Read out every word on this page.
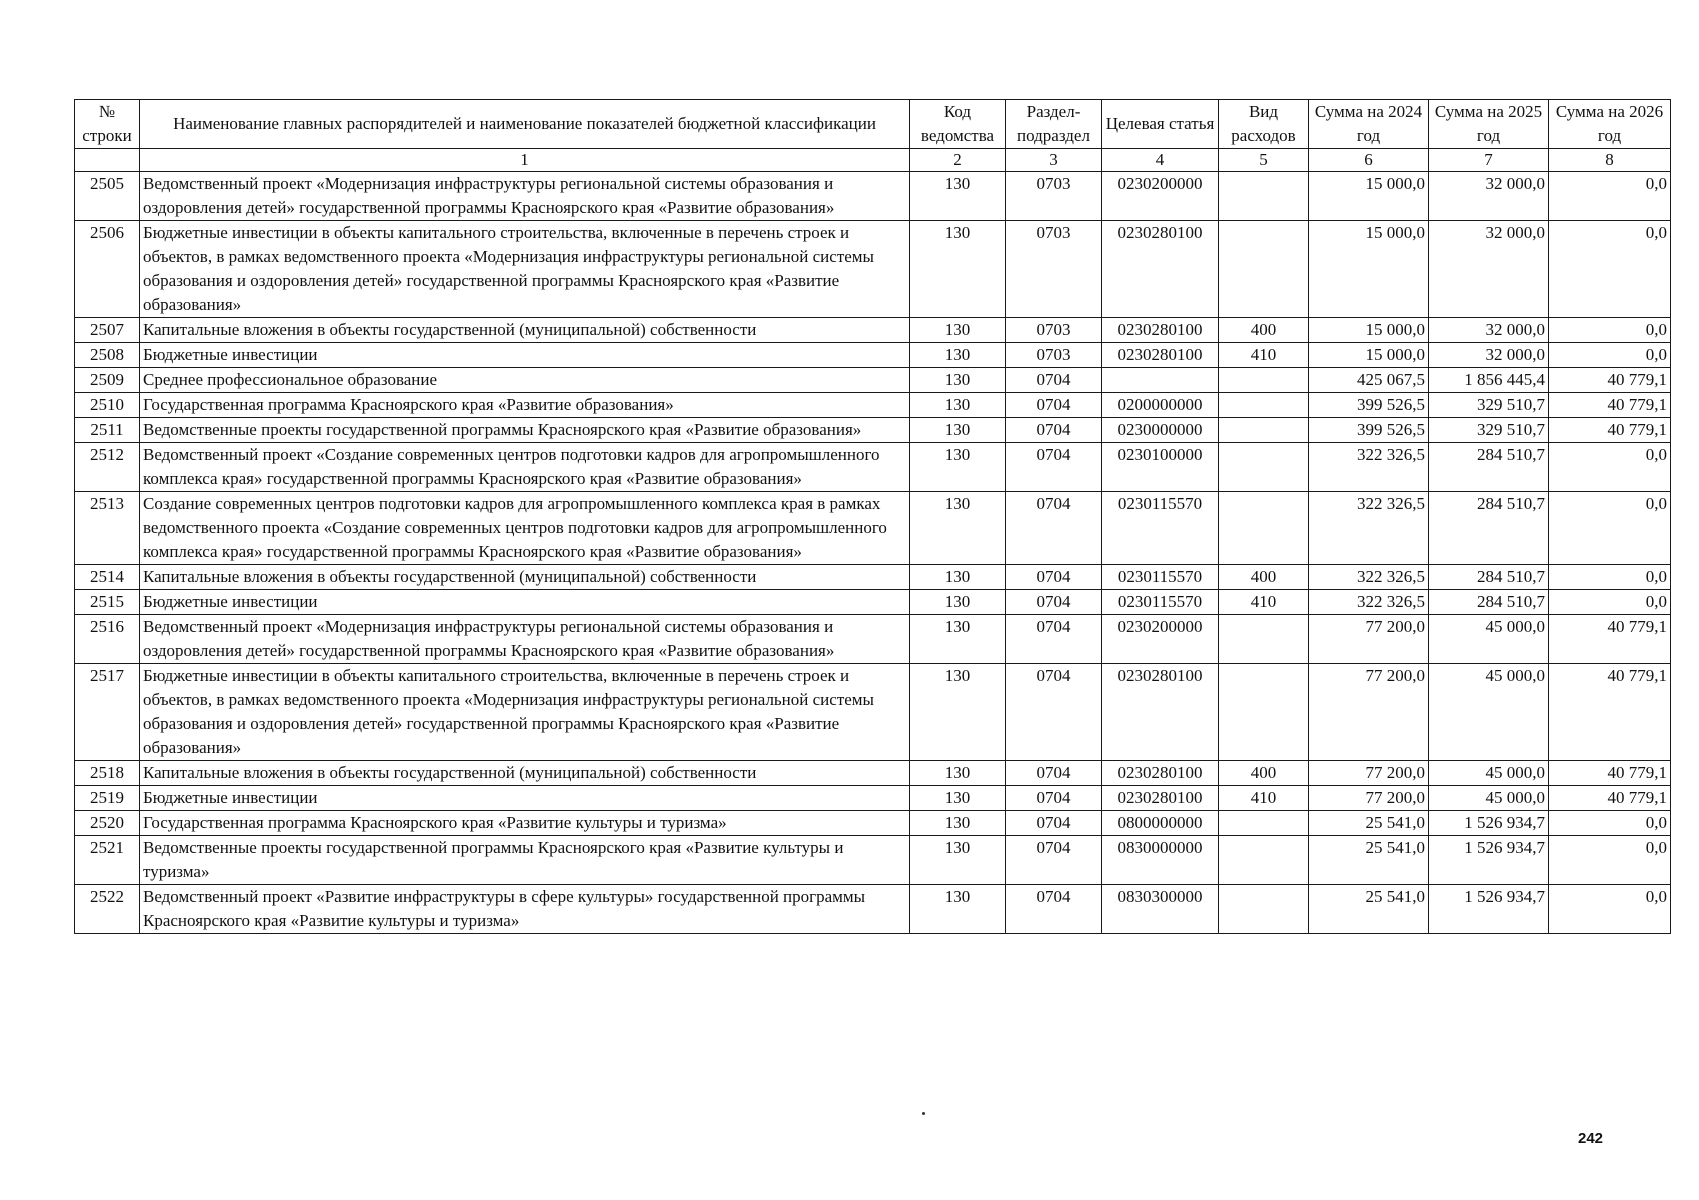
№ строки	Наименование главных распорядителей и наименование показателей бюджетной классификации	Код ведомства	Раздел-подраздел	Целевая статья	Вид расходов	Сумма на 2024 год	Сумма на 2025 год	Сумма на 2026 год
	1	2	3	4	5	6	7	8
2505	Ведомственный проект «Модернизация инфраструктуры региональной системы образования и оздоровления детей» государственной программы Красноярского края «Развитие образования»	130	0703	0230200000		15 000,0	32 000,0	0,0
2506	Бюджетные инвестиции в объекты капитального строительства, включенные в перечень строек и объектов, в рамках ведомственного проекта «Модернизация инфраструктуры региональной системы образования и оздоровления детей» государственной программы Красноярского края «Развитие образования»	130	0703	0230280100		15 000,0	32 000,0	0,0
2507	Капитальные вложения в объекты государственной (муниципальной) собственности	130	0703	0230280100	400	15 000,0	32 000,0	0,0
2508	Бюджетные инвестиции	130	0703	0230280100	410	15 000,0	32 000,0	0,0
2509	Среднее профессиональное образование	130	0704			425 067,5	1 856 445,4	40 779,1
2510	Государственная программа Красноярского края «Развитие образования»	130	0704	0200000000		399 526,5	329 510,7	40 779,1
2511	Ведомственные проекты государственной программы Красноярского края «Развитие образования»	130	0704	0230000000		399 526,5	329 510,7	40 779,1
2512	Ведомственный проект «Создание современных центров подготовки кадров для агропромышленного комплекса края» государственной программы Красноярского края «Развитие образования»	130	0704	0230100000		322 326,5	284 510,7	0,0
2513	Создание современных центров подготовки кадров для агропромышленного комплекса края в рамках ведомственного проекта «Создание современных центров подготовки кадров для агропромышленного комплекса края» государственной программы Красноярского края «Развитие образования»	130	0704	0230115570		322 326,5	284 510,7	0,0
2514	Капитальные вложения в объекты государственной (муниципальной) собственности	130	0704	0230115570	400	322 326,5	284 510,7	0,0
2515	Бюджетные инвестиции	130	0704	0230115570	410	322 326,5	284 510,7	0,0
2516	Ведомственный проект «Модернизация инфраструктуры региональной системы образования и оздоровления детей» государственной программы Красноярского края «Развитие образования»	130	0704	0230200000		77 200,0	45 000,0	40 779,1
2517	Бюджетные инвестиции в объекты капитального строительства, включенные в перечень строек и объектов, в рамках ведомственного проекта «Модернизация инфраструктуры региональной системы образования и оздоровления детей» государственной программы Красноярского края «Развитие образования»	130	0704	0230280100		77 200,0	45 000,0	40 779,1
2518	Капитальные вложения в объекты государственной (муниципальной) собственности	130	0704	0230280100	400	77 200,0	45 000,0	40 779,1
2519	Бюджетные инвестиции	130	0704	0230280100	410	77 200,0	45 000,0	40 779,1
2520	Государственная программа Красноярского края «Развитие культуры и туризма»	130	0704	0800000000		25 541,0	1 526 934,7	0,0
2521	Ведомственные проекты государственной программы Красноярского края «Развитие культуры и туризма»	130	0704	0830000000		25 541,0	1 526 934,7	0,0
2522	Ведомственный проект «Развитие инфраструктуры в сфере культуры» государственной программы Красноярского края «Развитие культуры и туризма»	130	0704	0830300000		25 541,0	1 526 934,7	0,0
242
